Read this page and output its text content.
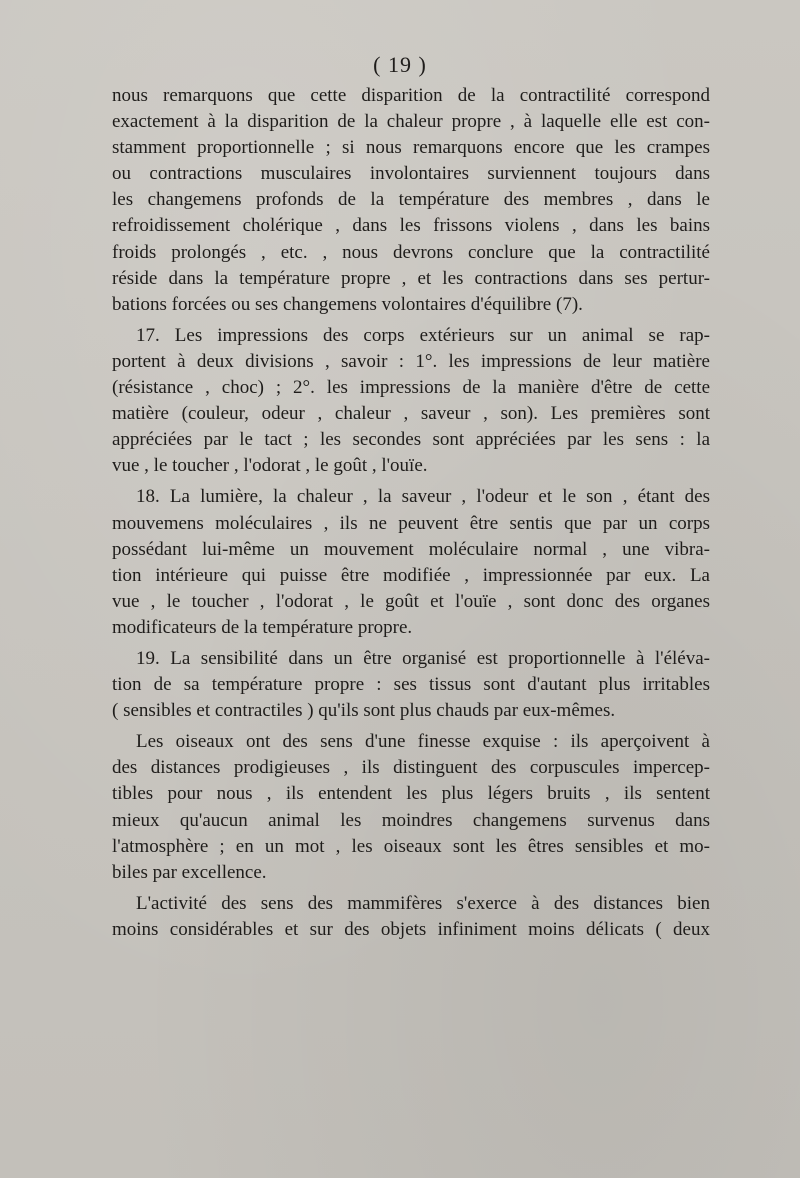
( 19 )
nous remarquons que cette disparition de la contractilité correspond
exactement à la disparition de la chaleur propre , à laquelle elle est con-
stamment proportionnelle ; si nous remarquons encore que les crampes
ou contractions musculaires involontaires surviennent toujours dans
les changemens profonds de la température des membres , dans le
refroidissement cholérique , dans les frissons violens , dans les bains
froids prolongés , etc. , nous devrons conclure que la contractilité
réside dans la température propre , et les contractions dans ses pertur-
bations forcées ou ses changemens volontaires d'équilibre (7).
17. Les impressions des corps extérieurs sur un animal se rap-
portent à deux divisions , savoir : 1°. les impressions de leur matière
(résistance , choc) ; 2°. les impressions de la manière d'être de cette
matière (couleur, odeur , chaleur , saveur , son). Les premières sont
appréciées par le tact ; les secondes sont appréciées par les sens : la
vue , le toucher , l'odorat , le goût , l'ouïe.
18. La lumière, la chaleur , la saveur , l'odeur et le son , étant des
mouvemens moléculaires , ils ne peuvent être sentis que par un corps
possédant lui-même un mouvement moléculaire normal , une vibra-
tion intérieure qui puisse être modifiée , impressionnée par eux. La
vue , le toucher , l'odorat , le goût et l'ouïe , sont donc des organes
modificateurs de la température propre.
19. La sensibilité dans un être organisé est proportionnelle à l'éléva-
tion de sa température propre : ses tissus sont d'autant plus irritables
( sensibles et contractiles ) qu'ils sont plus chauds par eux-mêmes.
Les oiseaux ont des sens d'une finesse exquise : ils aperçoivent à
des distances prodigieuses , ils distinguent des corpuscules impercep-
tibles pour nous , ils entendent les plus légers bruits , ils sentent
mieux qu'aucun animal les moindres changemens survenus dans
l'atmosphère ; en un mot , les oiseaux sont les êtres sensibles et mo-
biles par excellence.
L'activité des sens des mammifères s'exerce à des distances bien
moins considérables et sur des objets infiniment moins délicats ( deux
